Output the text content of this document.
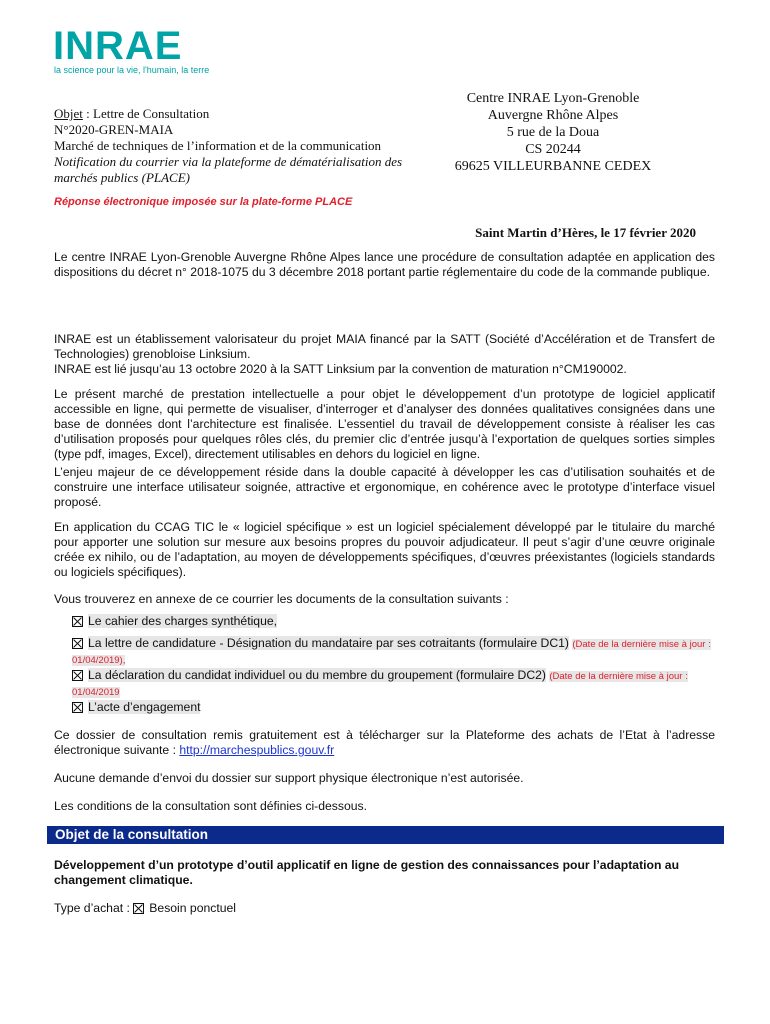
INRAE
la science pour la vie, l'humain, la terre
Objet : Lettre de Consultation
N°2020-GREN-MAIA
Marché de techniques de l’information et de la communication
Notification du courrier via la plateforme de dématérialisation des marchés publics (PLACE)
Centre INRAE Lyon-Grenoble
Auvergne Rhône Alpes
5 rue de la Doua
CS 20244
69625 VILLEURBANNE CEDEX
Réponse électronique imposée sur la plate-forme PLACE
Saint Martin d’Hères, le 17 février 2020
Le centre INRAE Lyon-Grenoble Auvergne Rhône Alpes lance une procédure de consultation adaptée en application des dispositions du décret n° 2018-1075 du 3 décembre 2018 portant partie réglementaire du code de la commande publique.
INRAE est un établissement valorisateur du projet MAIA financé par la SATT (Société d’Accélération et de Transfert de Technologies) grenobloise Linksium.
INRAE est lié jusqu’au 13 octobre 2020 à la SATT Linksium par la convention de maturation n°CM190002.
Le présent marché de prestation intellectuelle a pour objet le développement d’un prototype de logiciel applicatif accessible en ligne, qui permette de visualiser, d’interroger et d’analyser des données qualitatives consignées dans une base de données dont l’architecture est finalisée. L’essentiel du travail de développement consiste à réaliser les cas d’utilisation proposés pour quelques rôles clés, du premier clic d’entrée jusqu’à l’exportation de quelques sorties simples (type pdf, images, Excel), directement utilisables en dehors du logiciel en ligne.
L’enjeu majeur de ce développement réside dans la double capacité à développer les cas d’utilisation souhaités et de construire une interface utilisateur soignée, attractive et ergonomique, en cohérence avec le prototype d’interface visuel proposé.
En application du CCAG TIC le « logiciel spécifique » est un logiciel spécialement développé par le titulaire du marché pour apporter une solution sur mesure aux besoins propres du pouvoir adjudicateur. Il peut s’agir d’une œuvre originale créée ex nihilo, ou de l’adaptation, au moyen de développements spécifiques, d’œuvres préexistantes (logiciels standards ou logiciels spécifiques).
Vous trouverez en annexe de ce courrier les documents de la consultation suivants :
Le cahier des charges synthétique,
La lettre de candidature - Désignation du mandataire par ses cotraitants (formulaire DC1) (Date de la dernière mise à jour : 01/04/2019),
La déclaration du candidat individuel ou du membre du groupement (formulaire DC2) (Date de la dernière mise à jour : 01/04/2019
L’acte d’engagement
Ce dossier de consultation remis gratuitement est à télécharger sur la Plateforme des achats de l’Etat à l’adresse électronique suivante : http://marchespublics.gouv.fr
Aucune demande d’envoi du dossier sur support physique électronique n’est autorisée.
Les conditions de la consultation sont définies ci-dessous.
Objet de la consultation
Développement d’un prototype d’outil applicatif en ligne de gestion des connaissances pour l’adaptation au changement climatique.
Type d’achat : Besoin ponctuel
